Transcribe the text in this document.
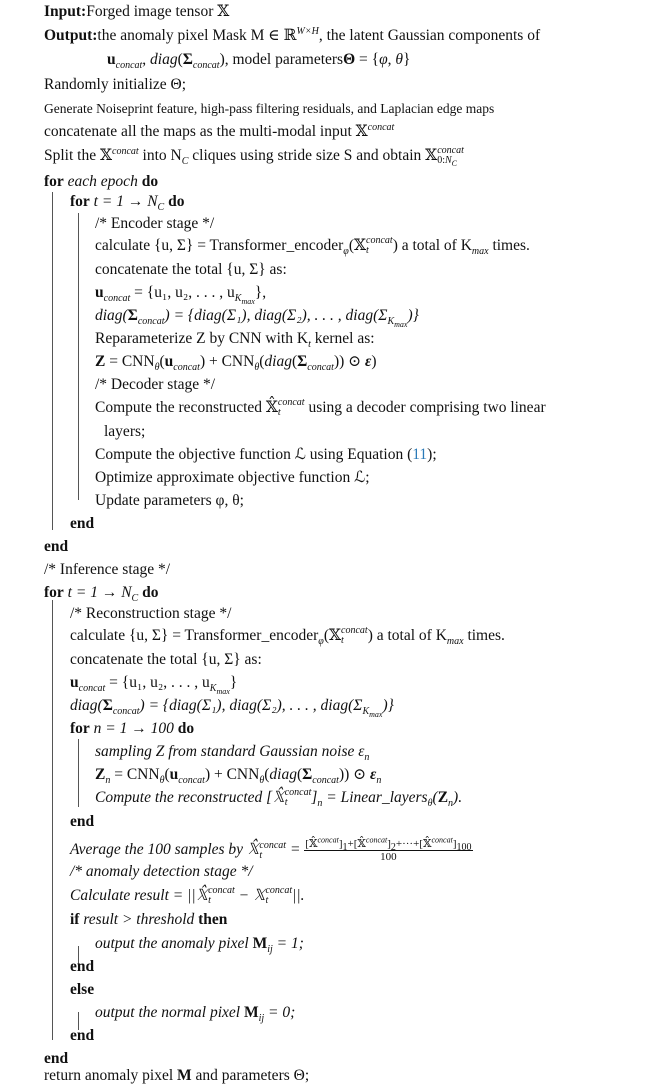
Input:Forged image tensor 𝕏
Output:the anomaly pixel Mask M ∈ ℝ$^{W\times H}$, the latent Gaussian components of
$u_{concat}$, $diag(\Sigma_{concat})$, model parametersΘ = {φ, θ}
Randomly initialize Θ;
Generate Noiseprint feature, high-pass filtering residuals, and Laplacian edge maps
concatenate all the maps as the multi-modal input 𝕏$^{concat}$
Split the 𝕏$^{concat}$ into $N_C$ cliques using stride size S and obtain 𝕏 concat
$0:N_C$
for each epoch do
for $t = 1 \to N_C$ do
/* Encoder stage */
calculate {u, Σ} = Transformer_encoder$_\varphi$(𝕏 concat
t	) a total of $K_{max}$ times.
concatenate the total {u, Σ} as:
$u_{concat} = \{u_1$, u₂, . . . , $u_{K_{max}}$},
$diag(\Sigma_{concat})$ = {diag(Σ₁), diag(Σ₂), . . . , $diag(\Sigma_{K_{max}})$}
Reparameterize Z by CNN with $K_t$ kernel as:
$Z = CNN_\theta(u_{concat})$ + $CNN_\theta(diag(\Sigma_{concat}))$ ⊙ ε)
/* Decoder stage */
Compute the reconstructed 𝕏̂ concat
t	using a decoder comprising two linear
layers;
Compute the objective function ℒ using Equation (11);
Optimize approximate objective function ℒ;
Update parameters φ, θ;
end
end
/* Inference stage */
for $t = 1 \to N_C$ do
/* Reconstruction stage */
calculate {u, Σ} = Transformer_encoder$_\varphi$(𝕏 concat
t	) a total of $K_{max}$ times.
concatenate the total {u, Σ} as:
$u_{concat} = \{u_1$, u₂, . . . , $u_{K_{max}}$}
$diag(\Sigma_{concat})$ = {diag(Σ₁), diag(Σ₂), . . . , $diag(\Sigma_{K_{max}})$}
for n = 1 → 100 do
sampling Z from standard Gaussian noise $\varepsilon_n$
$Z_n = CNN_\theta(u_{concat})$ + $CNN_\theta(diag(\Sigma_{concat}))$ ⊙ $\varepsilon_n$
Compute the reconstructed [𝕏̂ concat
t	]$_n$ = $Linear\_layers_\theta(Z_n)$.
end
Average the 100 samples by 𝕏̂ concat
t	= $\frac{[𝕏̂^{concat}]_1+[𝕏̂^{concat}]_2+\cdot\cdot\cdot+[𝕏̂^{concat}]_{100}}{100}$
/* anomaly detection stage */
Calculate result = ||𝕏̂ concat
t	− 𝕏 concat
t	||.
if result > threshold then
output the anomaly pixel $M_{ij} = 1$;
end
else
output the normal pixel $M_{ij} = 0$;
end
end
return anomaly pixel M and parameters Θ;
